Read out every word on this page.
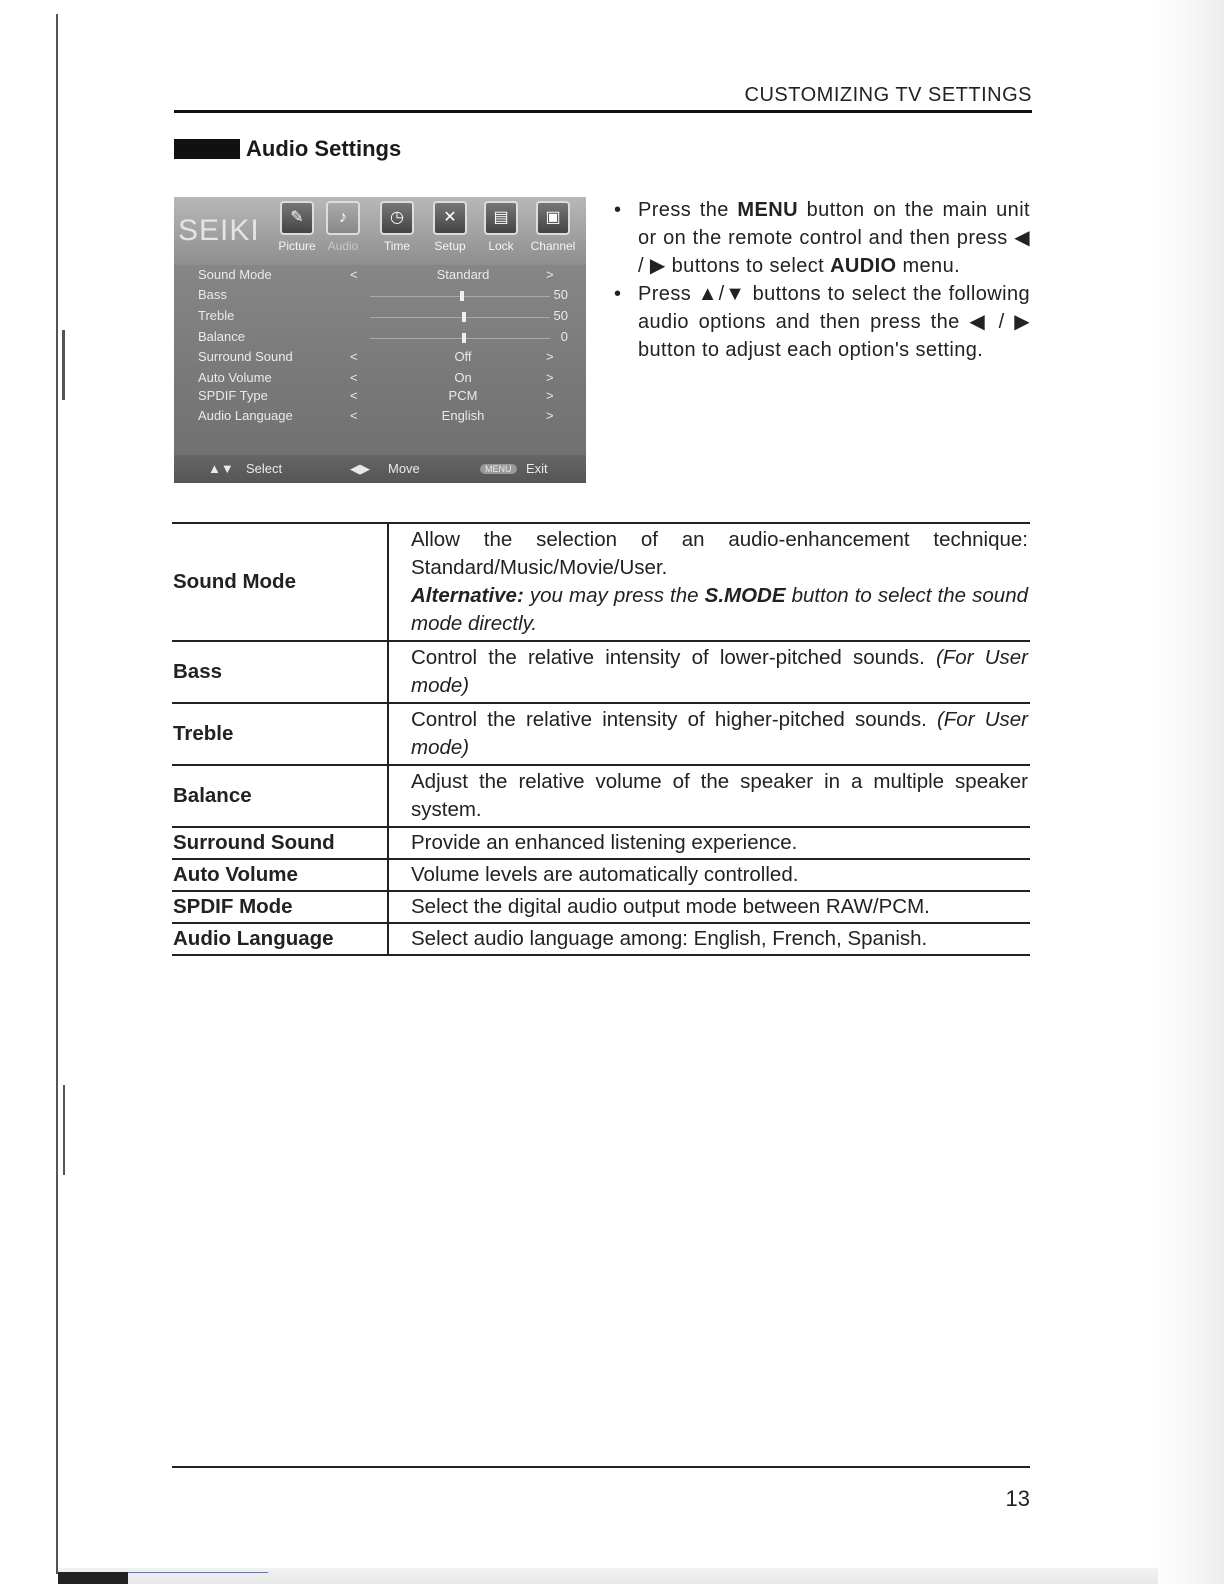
CUSTOMIZING TV SETTINGS
Audio Settings
SEIKI	✎
Picture
♪
Audio
◷
Time
✕
Setup
▤
Lock
▣
Channel
Sound Mode	<	Standard	>
Bass	50
Treble	50
Balance	0
Surround Sound	<	Off	>
Auto Volume	<	On	>
SPDIF Type	<	PCM	>
Audio Language	<	English	>
▲▼ Select	◀▶ Move	MENU	Exit
• Press the MENU button on the main unit or on the remote control and then press ◀ / ▶ buttons to select AUDIO menu.
• Press ▲/▼ buttons to select the following audio options and then press the ◀ / ▶ button to adjust each option's setting.
Sound Mode	Allow the selection of an audio-enhancement technique: Standard/Music/Movie/User.
Alternative: you may press the S.MODE button to select the sound mode directly.
Bass	Control the relative intensity of lower-pitched sounds. (For User mode)
Treble	Control the relative intensity of higher-pitched sounds. (For User mode)
Balance	Adjust the relative volume of the speaker in a multiple speaker system.
Surround Sound	Provide an enhanced listening experience.
Auto Volume	Volume levels are automatically controlled.
SPDIF Mode	Select the digital audio output mode between RAW/PCM.
Audio Language	Select audio language among: English, French, Spanish.
13
